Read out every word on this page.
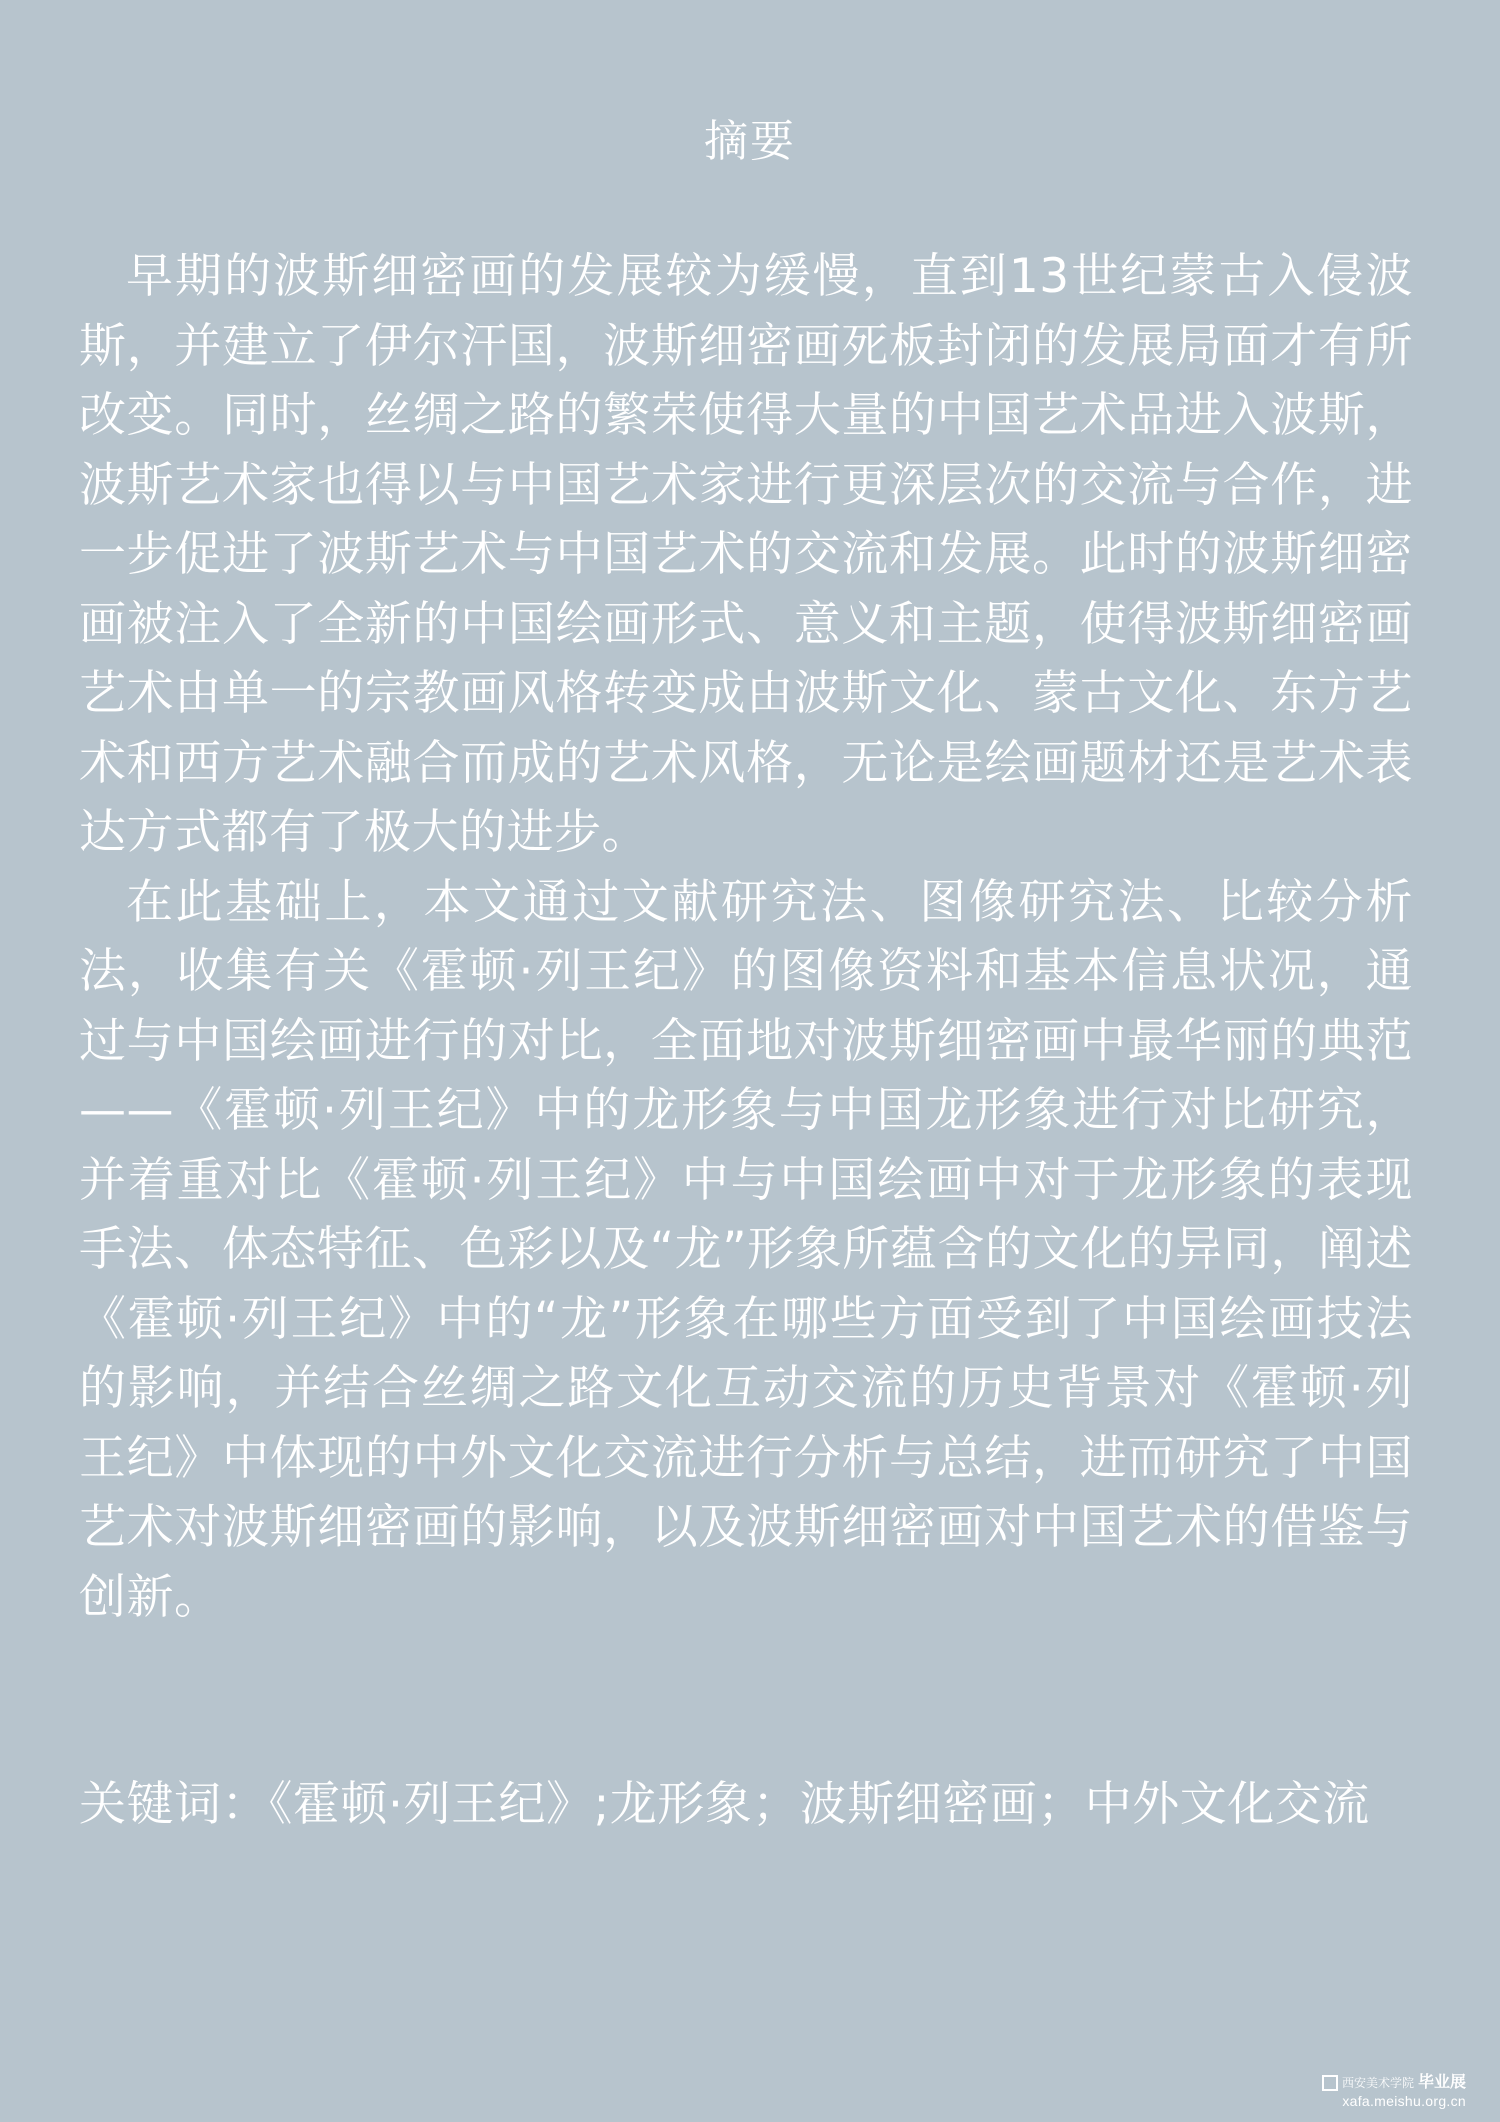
摘要

早期的波斯细密画的发展较为缓慢，直到13世纪蒙古入侵波斯，并建立了伊尔汗国，波斯细密画死板封闭的发展局面才有所改变。同时，丝绸之路的繁荣使得大量的中国艺术品进入波斯，波斯艺术家也得以与中国艺术家进行更深层次的交流与合作，进一步促进了波斯艺术与中国艺术的交流和发展。此时的波斯细密画被注入了全新的中国绘画形式、意义和主题，使得波斯细密画艺术由单一的宗教画风格转变成由波斯文化、蒙古文化、东方艺术和西方艺术融合而成的艺术风格，无论是绘画题材还是艺术表达方式都有了极大的进步。

在此基础上，本文通过文献研究法、图像研究法、比较分析法，收集有关《霍顿·列王纪》的图像资料和基本信息状况，通过与中国绘画进行的对比，全面地对波斯细密画中最华丽的典范——《霍顿·列王纪》中的龙形象与中国龙形象进行对比研究，并着重对比《霍顿·列王纪》中与中国绘画中对于龙形象的表现手法、体态特征、色彩以及“龙”形象所蕴含的文化的异同，阐述《霍顿·列王纪》中的“龙”形象在哪些方面受到了中国绘画技法的影响，并结合丝绸之路文化互动交流的历史背景对《霍顿·列王纪》中体现的中外文化交流进行分析与总结，进而研究了中国艺术对波斯细密画的影响，以及波斯细密画对中国艺术的借鉴与创新。

关键词：《霍顿·列王纪》;龙形象；波斯细密画；中外文化交流
西安美术学院 毕业展
xafa.meishu.org.cn
